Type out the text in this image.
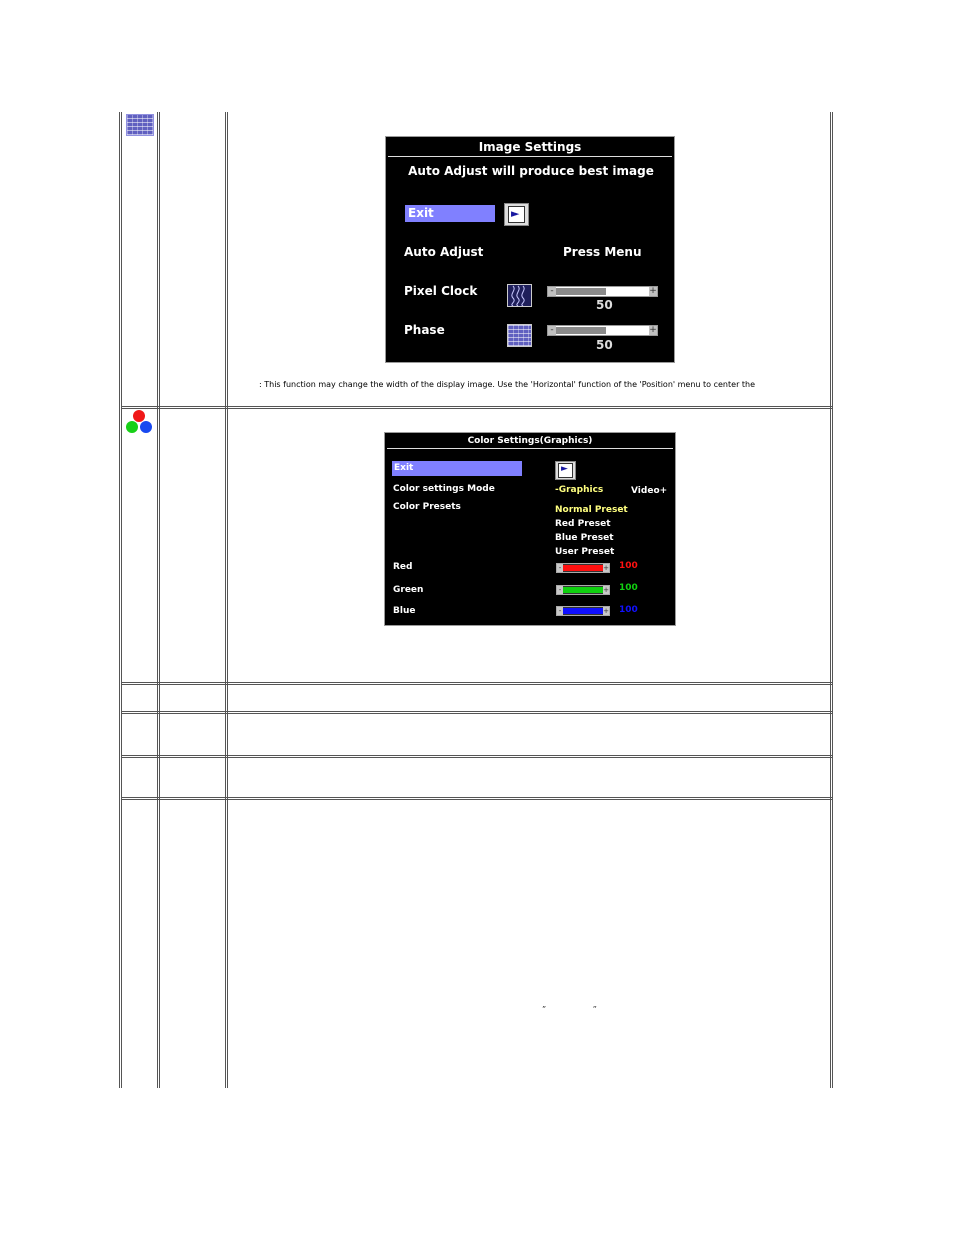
Image Settings
Auto Adjust will produce best image
Exit	►
Auto Adjust	Press Menu
Pixel Clock	-	+
50
Phase	-	+
50
: This function may change the width of the display image. Use the 'Horizontal' function of the 'Position' menu to center the
Color Settings(Graphics)
Exit	►
Color settings Mode	-Graphics	Video+
Color Presets	Normal Preset
Red Preset
Blue Preset
User Preset
Red	-	+ 100
Green	-	+ 100
Blue	-	+ 100
” ”
